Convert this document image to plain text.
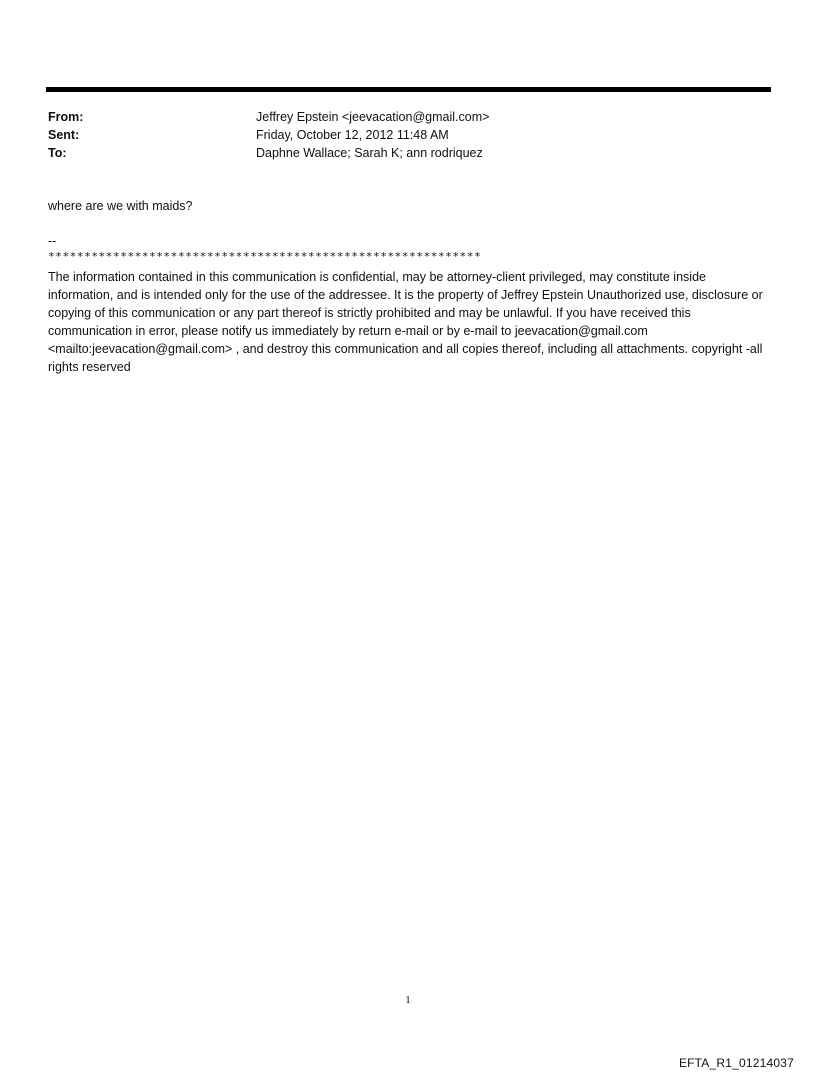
From:	Jeffrey Epstein <jeevacation@gmail.com>
Sent:	Friday, October 12, 2012 11:48 AM
To:	Daphne Wallace; Sarah K; ann rodriquez
where are we with maids?
--
************************************************************
The information contained in this communication is confidential, may be attorney-client privileged, may constitute inside information, and is intended only for the use of the addressee. It is the property of Jeffrey Epstein Unauthorized use, disclosure or copying of this communication or any part thereof is strictly prohibited and may be unlawful. If you have received this communication in error, please notify us immediately by return e-mail or by e-mail to jeevacation@gmail.com <mailto:jeevacation@gmail.com> , and destroy this communication and all copies thereof, including all attachments. copyright -all rights reserved
1
EFTA_R1_01214037
